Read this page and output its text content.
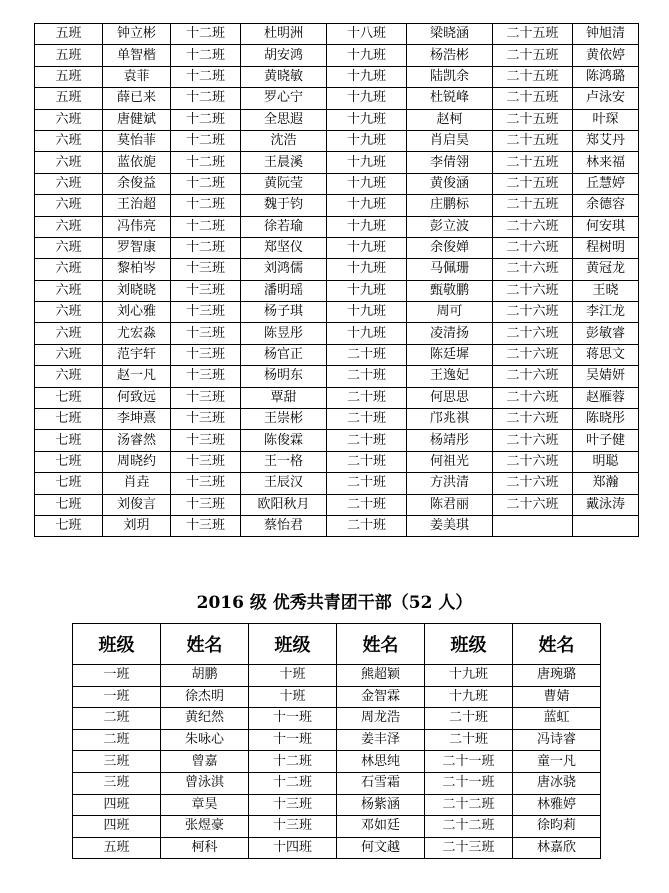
五班	钟立彬	十二班	杜明洲	十八班	梁晓涵	二十五班	钟旭清
五班	单智楷	十二班	胡安鸿	十九班	杨浩彬	二十五班	黄依婷
五班	袁菲	十二班	黄晓敏	十九班	陆凯余	二十五班	陈鸿璐
五班	薛已来	十二班	罗心宁	十九班	杜锐峰	二十五班	卢泳安
六班	唐健斌	十二班	全思遐	十九班	赵柯	二十五班	叶琛
六班	莫怡菲	十二班	沈浩	十九班	肖启昊	二十五班	郑艾丹
六班	蓝依旎	十二班	王晨溪	十九班	李倩翎	二十五班	林来福
六班	余俊益	十二班	黄阮莹	十九班	黄俊涵	二十五班	丘慧婷
六班	王治超	十二班	魏于钧	十九班	庄鹏标	二十五班	余德容
六班	冯伟亮	十二班	徐若瑜	十九班	彭立波	二十六班	何安琪
六班	罗智康	十二班	郑坚仪	十九班	余俊婵	二十六班	程树明
六班	黎柏岑	十三班	刘鸿儒	十九班	马佩珊	二十六班	黄冠龙
六班	刘晓晓	十三班	潘明瑶	十九班	甄敬鹏	二十六班	王晓
六班	刘心雅	十三班	杨子琪	十九班	周可	二十六班	李江龙
六班	尤宏淼	十三班	陈昱彤	十九班	凌清扬	二十六班	彭敏睿
六班	范宇轩	十三班	杨官正	二十班	陈廷墀	二十六班	蒋思文
六班	赵一凡	十三班	杨明东	二十班	王逸妃	二十六班	吴婧妍
七班	何致远	十三班	覃甜	二十班	何思思	二十六班	赵雁蓉
七班	李坤熹	十三班	王崇彬	二十班	邝兆祺	二十六班	陈晓彤
七班	汤睿然	十三班	陈俊霖	二十班	杨靖彤	二十六班	叶子健
七班	周晓约	十三班	王一格	二十班	何祖光	二十六班	明聪
七班	肖垚	十三班	王辰汉	二十班	方洪清	二十六班	郑瀚
七班	刘俊言	十三班	欧阳秋月	二十班	陈君丽	二十六班	戴泳涛
七班	刘玥	十三班	蔡怡君	二十班	姜美琪		
2016 级 优秀共青团干部（52 人）
班级	姓名	班级	姓名	班级	姓名
一班	胡鹏	十班	熊超颖	十九班	唐琬璐
一班	徐杰明	十班	金智霖	十九班	曹婧
二班	黄纪然	十一班	周龙浩	二十班	蓝虹
二班	朱咏心	十一班	姜丰泽	二十班	冯诗睿
三班	曾嘉	十二班	林思纯	二十一班	童一凡
三班	曾泳淇	十二班	石雪霜	二十一班	唐冰骁
四班	章昊	十三班	杨紫涵	二十二班	林雅婷
四班	张煜豪	十三班	邓如廷	二十二班	徐昀莉
五班	柯科	十四班	何文越	二十三班	林嘉欣
